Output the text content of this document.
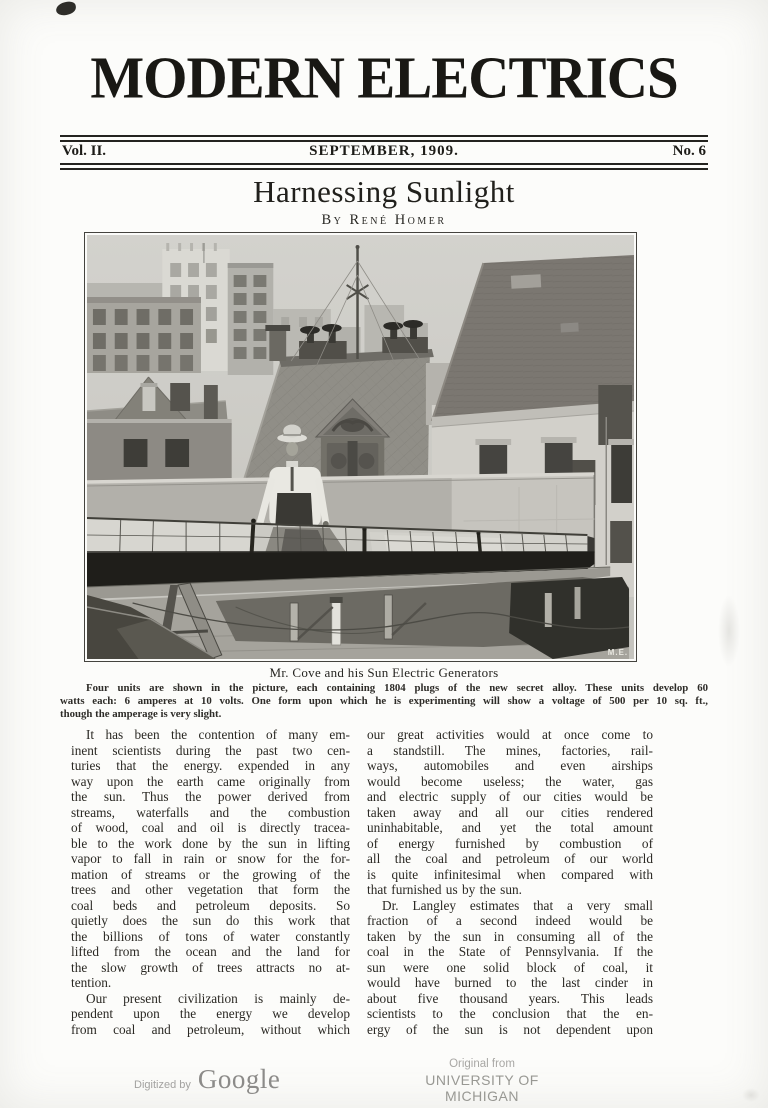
MODERN ELECTRICS
Vol. II.	SEPTEMBER, 1909.	No. 6
Harnessing Sunlight
By René Homer
M.E.
Mr. Cove and his Sun Electric Generators
Four units are shown in the picture, each containing 1804 plugs of the new secret alloy. These units develop 60
watts each: 6 amperes at 10 volts. One form upon which he is experimenting will show a voltage of 500 per 10 sq. ft.,
though the amperage is very slight.
It has been the contention of many em-
inent scientists during the past two cen-
turies that the energy. expended in any
way upon the earth came originally from
the sun. Thus the power derived from
streams, waterfalls and the combustion
of wood, coal and oil is directly tracea-
ble to the work done by the sun in lifting
vapor to fall in rain or snow for the for-
mation of streams or the growing of the
trees and other vegetation that form the
coal beds and petroleum deposits. So
quietly does the sun do this work that
the billions of tons of water constantly
lifted from the ocean and the land for
the slow growth of trees attracts no at-
tention.
Our present civilization is mainly de-
pendent upon the energy we develop
from coal and petroleum, without which
our great activities would at once come to
a standstill. The mines, factories, rail-
ways, automobiles and even airships
would become useless; the water, gas
and electric supply of our cities would be
taken away and all our cities rendered
uninhabitable, and yet the total amount
of energy furnished by combustion of
all the coal and petroleum of our world
is quite infinitesimal when compared with
that furnished us by the sun.
Dr. Langley estimates that a very small
fraction of a second indeed would be
taken by the sun in consuming all of the
coal in the State of Pennsylvania. If the
sun were one solid block of coal, it
would have burned to the last cinder in
about five thousand years. This leads
scientists to the conclusion that the en-
ergy of the sun is not dependent upon
Digitized by Google	Original from
UNIVERSITY OF MICHIGAN
